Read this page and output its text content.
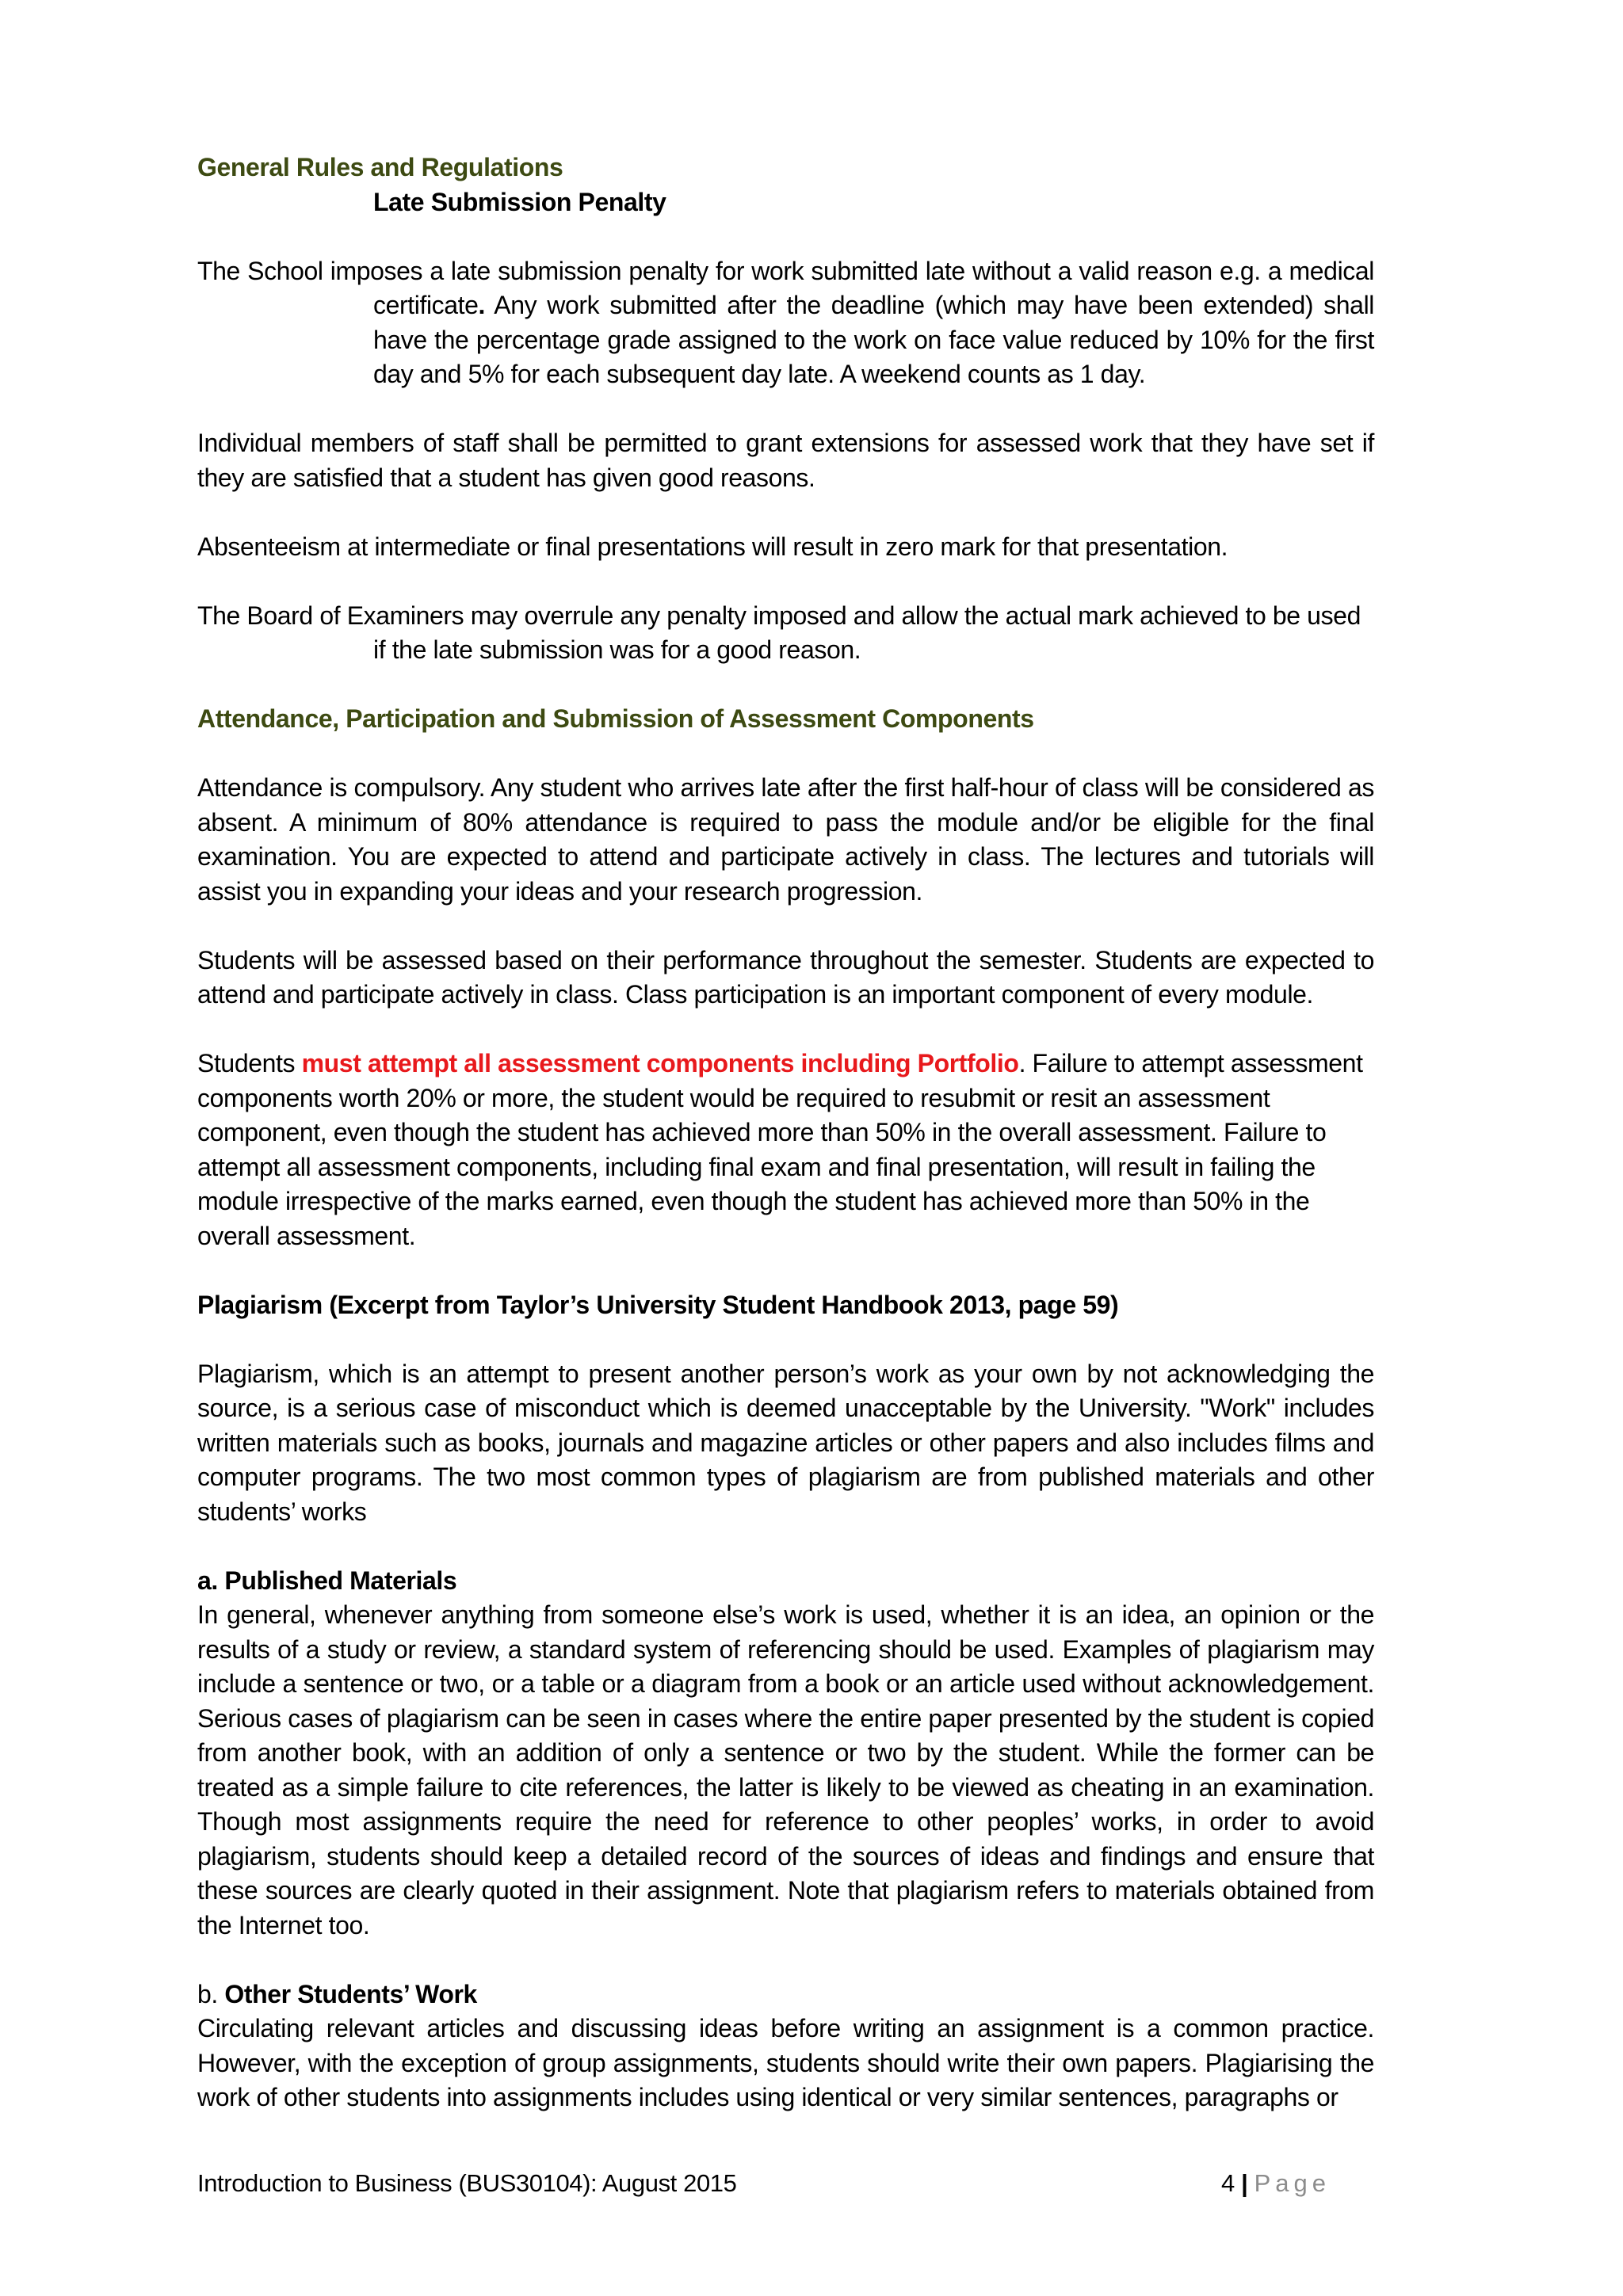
General Rules and Regulations

Late Submission Penalty

The School imposes a late submission penalty for work submitted late without a valid reason e.g. a medical certificate. Any work submitted after the deadline (which may have been extended) shall have the percentage grade assigned to the work on face value reduced by 10% for the first day and 5% for each subsequent day late. A weekend counts as 1 day.

Individual members of staff shall be permitted to grant extensions for assessed work that they have set if they are satisfied that a student has given good reasons.

Absenteeism at intermediate or final presentations will result in zero mark for that presentation.

The Board of Examiners may overrule any penalty imposed and allow the actual mark achieved to be used if the late submission was for a good reason.

Attendance, Participation and Submission of Assessment Components

Attendance is compulsory. Any student who arrives late after the first half-hour of class will be considered as absent. A minimum of 80% attendance is required to pass the module and/or be eligible for the final examination. You are expected to attend and participate actively in class. The lectures and tutorials will assist you in expanding your ideas and your research progression.

Students will be assessed based on their performance throughout the semester. Students are expected to attend and participate actively in class. Class participation is an important component of every module.

Students must attempt all assessment components including Portfolio. Failure to attempt assessment components worth 20% or more, the student would be required to resubmit or resit an assessment component, even though the student has achieved more than 50% in the overall assessment. Failure to attempt all assessment components, including final exam and final presentation, will result in failing the module irrespective of the marks earned, even though the student has achieved more than 50% in the overall assessment.

Plagiarism (Excerpt from Taylor’s University Student Handbook 2013, page 59)

Plagiarism, which is an attempt to present another person’s work as your own by not acknowledging the source, is a serious case of misconduct which is deemed unacceptable by the University. "Work" includes written materials such as books, journals and magazine articles or other papers and also includes films and computer programs. The two most common types of plagiarism are from published materials and other students’ works

a. Published Materials

In general, whenever anything from someone else’s work is used, whether it is an idea, an opinion or the results of a study or review, a standard system of referencing should be used. Examples of plagiarism may include a sentence or two, or a table or a diagram from a book or an article used without acknowledgement. Serious cases of plagiarism can be seen in cases where the entire paper presented by the student is copied from another book, with an addition of only a sentence or two by the student. While the former can be treated as a simple failure to cite references, the latter is likely to be viewed as cheating in an examination. Though most assignments require the need for reference to other peoples’ works, in order to avoid plagiarism, students should keep a detailed record of the sources of ideas and findings and ensure that these sources are clearly quoted in their assignment. Note that plagiarism refers to materials obtained from the Internet too.

b. Other Students’ Work

Circulating relevant articles and discussing ideas before writing an assignment is a common practice. However, with the exception of group assignments, students should write their own papers. Plagiarising the work of other students into assignments includes using identical or very similar sentences, paragraphs or

Introduction to Business (BUS30104): August 2015	4 | Page
